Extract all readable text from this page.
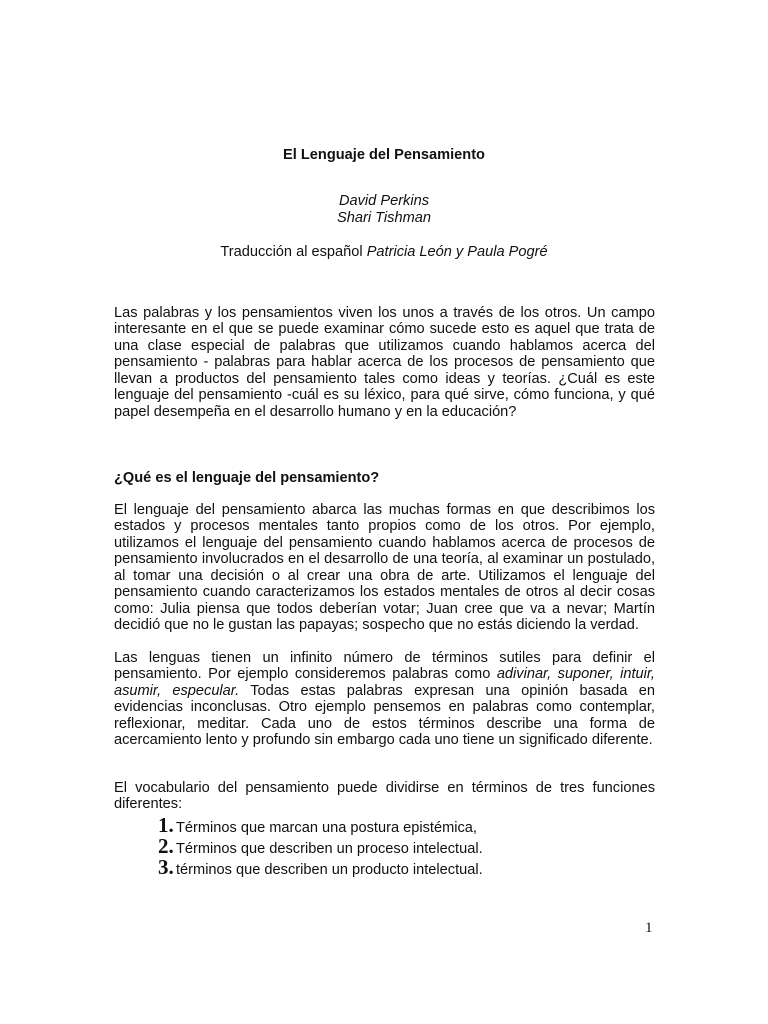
El Lenguaje del Pensamiento
David Perkins
Shari Tishman
Traducción al español Patricia León y Paula Pogré
Las palabras y los pensamientos viven los unos a través de los otros. Un campo interesante en el que se puede examinar cómo sucede esto es aquel que trata de una clase especial de palabras que utilizamos cuando hablamos acerca del pensamiento - palabras para hablar acerca de los procesos de pensamiento que llevan a productos del pensamiento tales como ideas y teorías. ¿Cuál es este lenguaje del pensamiento -cuál es su léxico, para qué sirve, cómo funciona, y qué papel desempeña en el desarrollo humano y en la educación?
¿Qué es el lenguaje del pensamiento?
El lenguaje del pensamiento abarca las muchas formas en que describimos los estados y procesos mentales tanto propios como de los otros. Por ejemplo, utilizamos el lenguaje del pensamiento cuando hablamos acerca de procesos de pensamiento involucrados en el desarrollo de una teoría, al examinar un postulado, al tomar una decisión o al crear una obra de arte. Utilizamos el lenguaje del pensamiento cuando caracterizamos los estados mentales de otros al decir cosas como: Julia piensa que todos deberían votar; Juan cree que va a nevar; Martín decidió que no le gustan las papayas; sospecho que no estás diciendo la verdad.
Las lenguas tienen un infinito número de términos sutiles para definir el pensamiento. Por ejemplo consideremos palabras como adivinar, suponer, intuir, asumir, especular. Todas estas palabras expresan una opinión basada en evidencias inconclusas. Otro ejemplo pensemos en palabras como contemplar, reflexionar, meditar. Cada uno de estos términos describe una forma de acercamiento lento y profundo sin embargo cada uno tiene un significado diferente.
El vocabulario del pensamiento puede dividirse en términos de tres funciones diferentes:
1. Términos que marcan una postura epistémica,
2. Términos que describen un proceso intelectual.
3. términos que describen un producto intelectual.
1
